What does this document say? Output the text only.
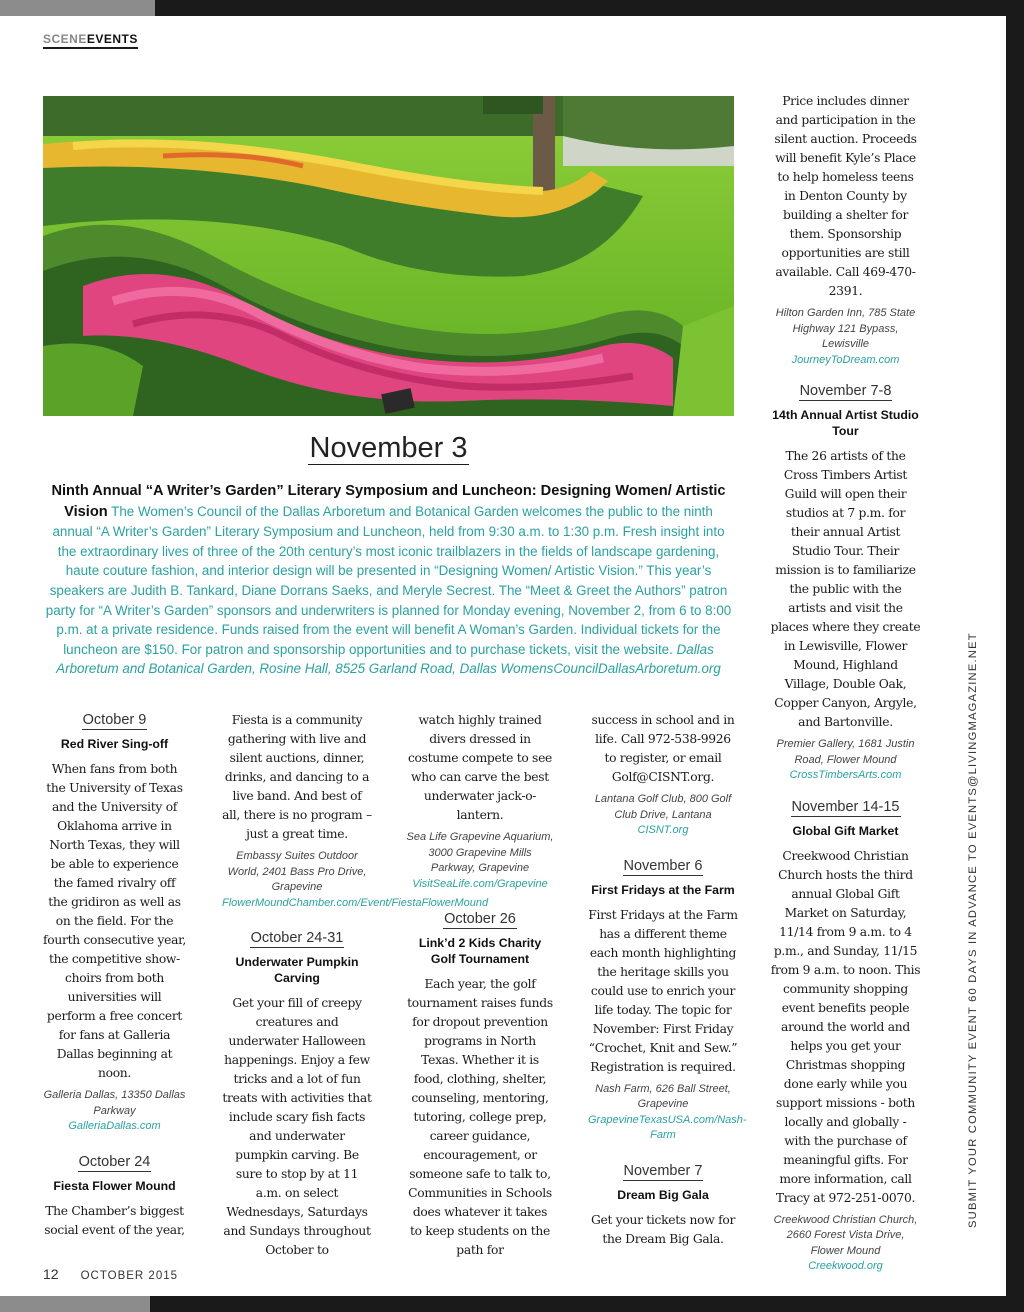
SCENEEVENTS
November 3
Ninth Annual “A Writer’s Garden” Literary Symposium and Luncheon: Designing Women/ Artistic Vision The Women’s Council of the Dallas Arboretum and Botanical Garden welcomes the public to the ninth annual “A Writer’s Garden” Literary Symposium and Luncheon, held from 9:30 a.m. to 1:30 p.m. Fresh insight into the extraordinary lives of three of the 20th century’s most iconic trailblazers in the fields of landscape gardening, haute couture fashion, and interior design will be presented in “Designing Women/ Artistic Vision.” This year’s speakers are Judith B. Tankard, Diane Dorrans Saeks, and Meryle Secrest. The “Meet & Greet the Authors” patron party for “A Writer’s Garden” sponsors and underwriters is planned for Monday evening, November 2, from 6 to 8:00 p.m. at a private residence. Funds raised from the event will benefit A Woman’s Garden. Individual tickets for the luncheon are $150. For patron and sponsorship opportunities and to purchase tickets, visit the website. Dallas Arboretum and Botanical Garden, Rosine Hall, 8525 Garland Road, Dallas WomensCouncilDallasArboretum.org
October 9
Red River Sing-off
When fans from both the University of Texas and the University of Oklahoma arrive in North Texas, they will be able to experience the famed rivalry off the gridiron as well as on the field. For the fourth consecutive year, the competitive show-choirs from both universities will perform a free concert for fans at Galleria Dallas beginning at noon.
Galleria Dallas, 13350 Dallas Parkway
GalleriaDallas.com
October 24
Fiesta Flower Mound
The Chamber’s biggest social event of the year,
Fiesta is a community gathering with live and silent auctions, dinner, drinks, and dancing to a live band. And best of all, there is no program – just a great time.
Embassy Suites Outdoor World, 2401 Bass Pro Drive, Grapevine
FlowerMoundChamber.com/Event/FiestaFlowerMound
October 24-31
Underwater Pumpkin Carving
Get your fill of creepy creatures and underwater Halloween happenings. Enjoy a few tricks and a lot of fun treats with activities that include scary fish facts and underwater pumpkin carving. Be sure to stop by at 11 a.m. on select Wednesdays, Saturdays and Sundays throughout October to
watch highly trained divers dressed in costume compete to see who can carve the best underwater jack-o-lantern.
Sea Life Grapevine Aquarium, 3000 Grapevine Mills Parkway, Grapevine
VisitSeaLife.com/Grapevine
October 26
Link’d 2 Kids Charity Golf Tournament
Each year, the golf tournament raises funds for dropout prevention programs in North Texas. Whether it is food, clothing, shelter, counseling, mentoring, tutoring, college prep, career guidance, encouragement, or someone safe to talk to, Communities in Schools does whatever it takes to keep students on the path for
success in school and in life. Call 972-538-9926 to register, or email Golf@CISNT.org.
Lantana Golf Club, 800 Golf Club Drive, Lantana
CISNT.org
November 6
First Fridays at the Farm
First Fridays at the Farm has a different theme each month highlighting the heritage skills you could use to enrich your life today. The topic for November: First Friday “Crochet, Knit and Sew.” Registration is required.
Nash Farm, 626 Ball Street, Grapevine GrapevineTexasUSA.com/Nash-Farm
November 7
Dream Big Gala
Get your tickets now for the Dream Big Gala.
Price includes dinner and participation in the silent auction. Proceeds will benefit Kyle’s Place to help homeless teens in Denton County by building a shelter for them. Sponsorship opportunities are still available. Call 469-470-2391.
Hilton Garden Inn, 785 State Highway 121 Bypass, Lewisville
JourneyToDream.com
November 7-8
14th Annual Artist Studio Tour
The 26 artists of the Cross Timbers Artist Guild will open their studios at 7 p.m. for their annual Artist Studio Tour. Their mission is to familiarize the public with the artists and visit the places where they create in Lewisville, Flower Mound, Highland Village, Double Oak, Copper Canyon, Argyle, and Bartonville.
Premier Gallery, 1681 Justin Road, Flower Mound
CrossTimbersArts.com
November 14-15
Global Gift Market
Creekwood Christian Church hosts the third annual Global Gift Market on Saturday, 11/14 from 9 a.m. to 4 p.m., and Sunday, 11/15 from 9 a.m. to noon. This community shopping event benefits people around the world and helps you get your Christmas shopping done early while you support missions - both locally and globally - with the purchase of meaningful gifts. For more information, call Tracy at 972-251-0070.
Creekwood Christian Church, 2660 Forest Vista Drive, Flower Mound
Creekwood.org
SUBMIT YOUR COMMUNITY EVENT 60 DAYS IN ADVANCE TO EVENTS@LIVINGMAGAZINE.NET
12 OCTOBER 2015
